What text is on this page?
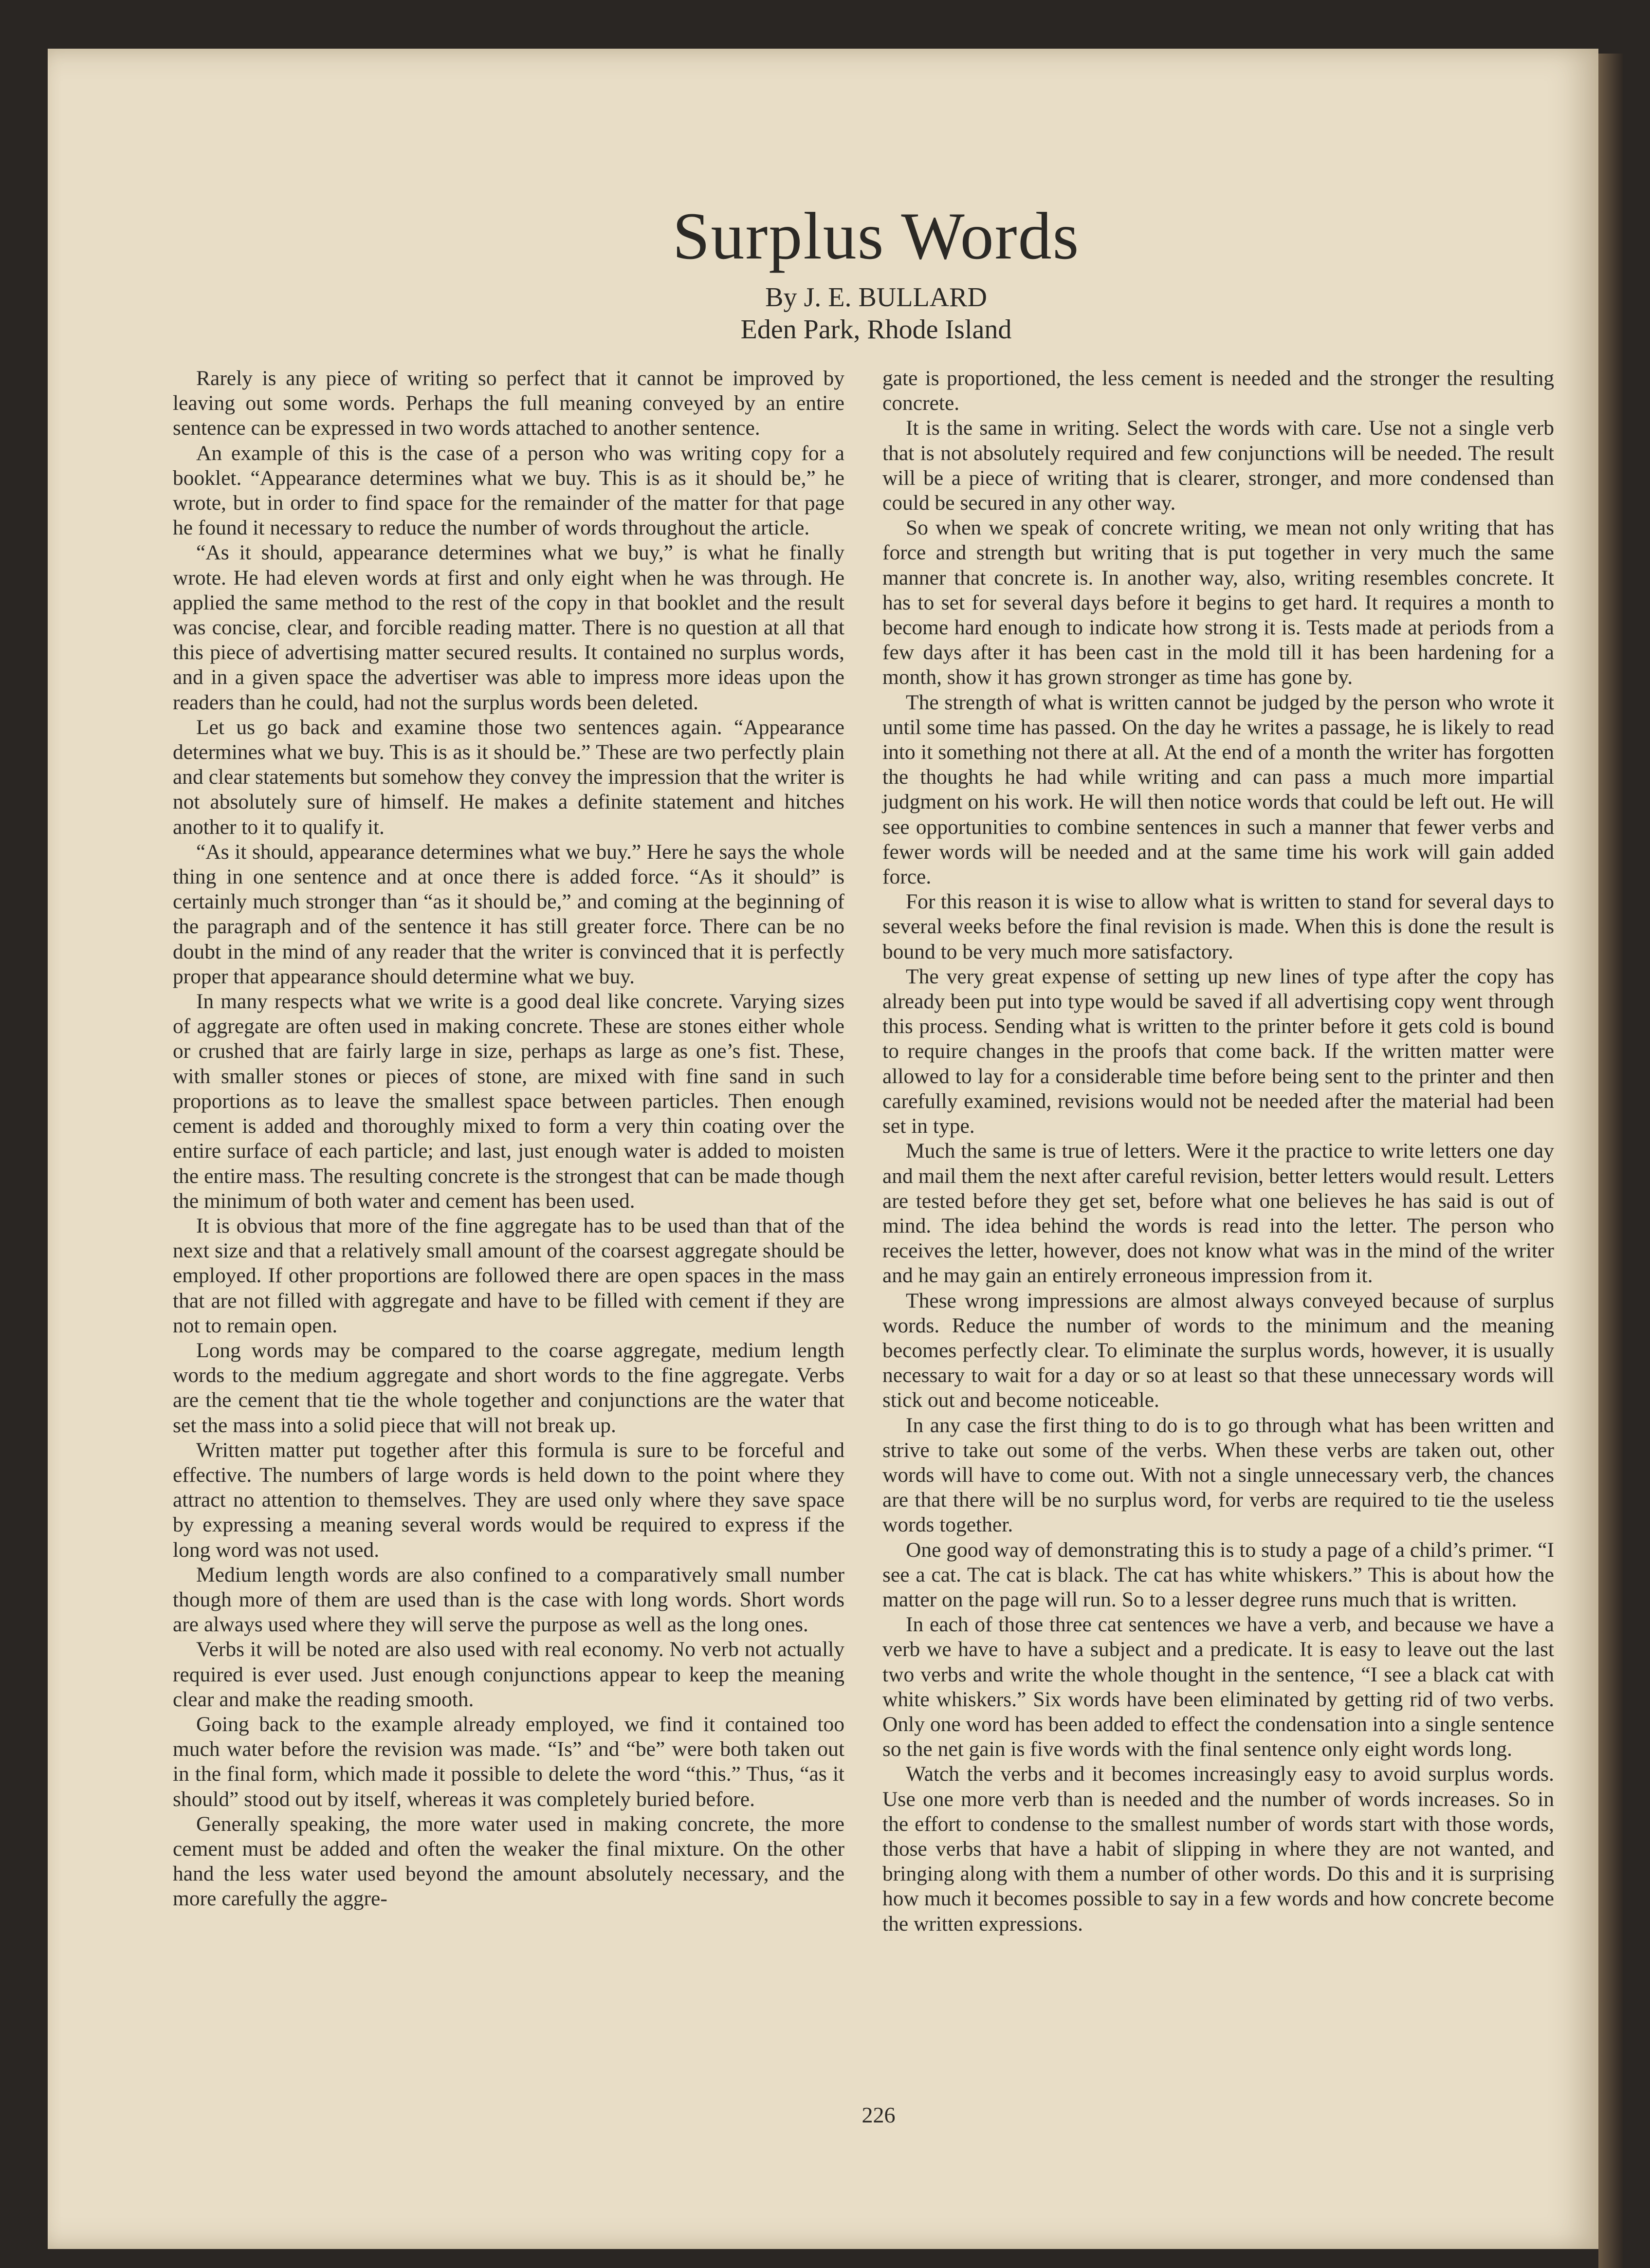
Surplus Words
By J. E. BULLARD
Eden Park, Rhode Island

Rarely is any piece of writing so perfect that it cannot be improved by leaving out some words. Perhaps the full meaning conveyed by an entire sentence can be expressed in two words attached to another sentence.

An example of this is the case of a person who was writing copy for a booklet. “Appearance determines what we buy. This is as it should be,” he wrote, but in order to find space for the remainder of the matter for that page he found it necessary to reduce the number of words throughout the article.

“As it should, appearance determines what we buy,” is what he finally wrote. He had eleven words at first and only eight when he was through. He applied the same method to the rest of the copy in that booklet and the result was concise, clear, and forcible reading matter. There is no question at all that this piece of advertising matter secured results. It contained no surplus words, and in a given space the advertiser was able to impress more ideas upon the readers than he could, had not the surplus words been deleted.

Let us go back and examine those two sentences again. “Appearance determines what we buy. This is as it should be.” These are two perfectly plain and clear statements but somehow they convey the impression that the writer is not absolutely sure of himself. He makes a definite statement and hitches another to it to qualify it.

“As it should, appearance determines what we buy.” Here he says the whole thing in one sentence and at once there is added force. “As it should” is certainly much stronger than “as it should be,” and coming at the beginning of the paragraph and of the sentence it has still greater force. There can be no doubt in the mind of any reader that the writer is convinced that it is perfectly proper that appearance should determine what we buy.

In many respects what we write is a good deal like concrete. Varying sizes of aggregate are often used in making concrete. These are stones either whole or crushed that are fairly large in size, perhaps as large as one’s fist. These, with smaller stones or pieces of stone, are mixed with fine sand in such proportions as to leave the smallest space between particles. Then enough cement is added and thoroughly mixed to form a very thin coating over the entire surface of each particle; and last, just enough water is added to moisten the entire mass. The resulting concrete is the strongest that can be made though the minimum of both water and cement has been used.

It is obvious that more of the fine aggregate has to be used than that of the next size and that a relatively small amount of the coarsest aggregate should be employed. If other proportions are followed there are open spaces in the mass that are not filled with aggregate and have to be filled with cement if they are not to remain open.

Long words may be compared to the coarse aggregate, medium length words to the medium aggregate and short words to the fine aggregate. Verbs are the cement that tie the whole together and conjunctions are the water that set the mass into a solid piece that will not break up.

Written matter put together after this formula is sure to be forceful and effective. The numbers of large words is held down to the point where they attract no attention to themselves. They are used only where they save space by expressing a meaning several words would be required to express if the long word was not used.

Medium length words are also confined to a comparatively small number though more of them are used than is the case with long words. Short words are always used where they will serve the purpose as well as the long ones.

Verbs it will be noted are also used with real economy. No verb not actually required is ever used. Just enough conjunctions appear to keep the meaning clear and make the reading smooth.

Going back to the example already employed, we find it contained too much water before the revision was made. “Is” and “be” were both taken out in the final form, which made it possible to delete the word “this.” Thus, “as it should” stood out by itself, whereas it was completely buried before.

Generally speaking, the more water used in making concrete, the more cement must be added and often the weaker the final mixture. On the other hand the less water used beyond the amount absolutely necessary, and the more carefully the aggre-

gate is proportioned, the less cement is needed and the stronger the resulting concrete.

It is the same in writing. Select the words with care. Use not a single verb that is not absolutely required and few conjunctions will be needed. The result will be a piece of writing that is clearer, stronger, and more condensed than could be secured in any other way.

So when we speak of concrete writing, we mean not only writing that has force and strength but writing that is put together in very much the same manner that concrete is. In another way, also, writing resembles concrete. It has to set for several days before it begins to get hard. It requires a month to become hard enough to indicate how strong it is. Tests made at periods from a few days after it has been cast in the mold till it has been hardening for a month, show it has grown stronger as time has gone by.

The strength of what is written cannot be judged by the person who wrote it until some time has passed. On the day he writes a passage, he is likely to read into it something not there at all. At the end of a month the writer has forgotten the thoughts he had while writing and can pass a much more impartial judgment on his work. He will then notice words that could be left out. He will see opportunities to combine sentences in such a manner that fewer verbs and fewer words will be needed and at the same time his work will gain added force.

For this reason it is wise to allow what is written to stand for several days to several weeks before the final revision is made. When this is done the result is bound to be very much more satisfactory.

The very great expense of setting up new lines of type after the copy has already been put into type would be saved if all advertising copy went through this process. Sending what is written to the printer before it gets cold is bound to require changes in the proofs that come back. If the written matter were allowed to lay for a considerable time before being sent to the printer and then carefully examined, revisions would not be needed after the material had been set in type.

Much the same is true of letters. Were it the practice to write letters one day and mail them the next after careful revision, better letters would result. Letters are tested before they get set, before what one believes he has said is out of mind. The idea behind the words is read into the letter. The person who receives the letter, however, does not know what was in the mind of the writer and he may gain an entirely erroneous impression from it.

These wrong impressions are almost always conveyed because of surplus words. Reduce the number of words to the minimum and the meaning becomes perfectly clear. To eliminate the surplus words, however, it is usually necessary to wait for a day or so at least so that these unnecessary words will stick out and become noticeable.

In any case the first thing to do is to go through what has been written and strive to take out some of the verbs. When these verbs are taken out, other words will have to come out. With not a single unnecessary verb, the chances are that there will be no surplus word, for verbs are required to tie the useless words together.

One good way of demonstrating this is to study a page of a child’s primer. “I see a cat. The cat is black. The cat has white whiskers.” This is about how the matter on the page will run. So to a lesser degree runs much that is written.

In each of those three cat sentences we have a verb, and because we have a verb we have to have a subject and a predicate. It is easy to leave out the last two verbs and write the whole thought in the sentence, “I see a black cat with white whiskers.” Six words have been eliminated by getting rid of two verbs. Only one word has been added to effect the condensation into a single sentence so the net gain is five words with the final sentence only eight words long.

Watch the verbs and it becomes increasingly easy to avoid surplus words. Use one more verb than is needed and the number of words increases. So in the effort to condense to the smallest number of words start with those words, those verbs that have a habit of slipping in where they are not wanted, and bringing along with them a number of other words. Do this and it is surprising how much it becomes possible to say in a few words and how concrete become the written expressions.

226
